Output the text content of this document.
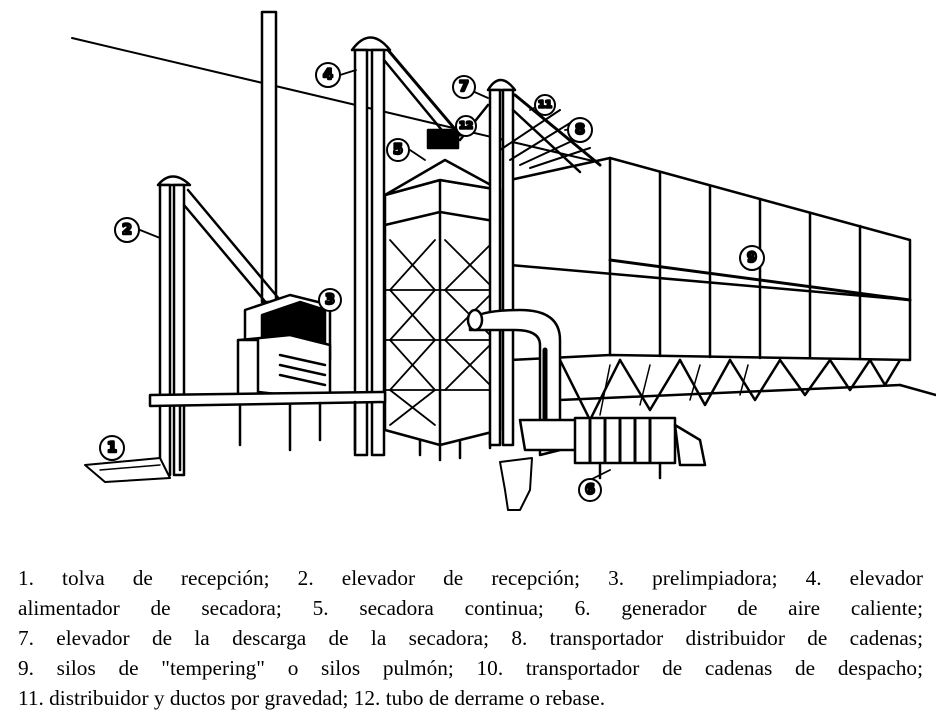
1
2
3
4
5
6
7
8
9
11
12
1. tolva de recepción; 2. elevador de recepción; 3. prelimpiadora; 4. elevador
alimentador de secadora; 5. secadora continua; 6. generador de aire caliente;
7. elevador de la descarga de la secadora; 8. transportador distribuidor de cadenas;
9. silos de "tempering" o silos pulmón; 10. transportador de cadenas de despacho;
11. distribuidor y ductos por gravedad; 12. tubo de derrame o rebase.
